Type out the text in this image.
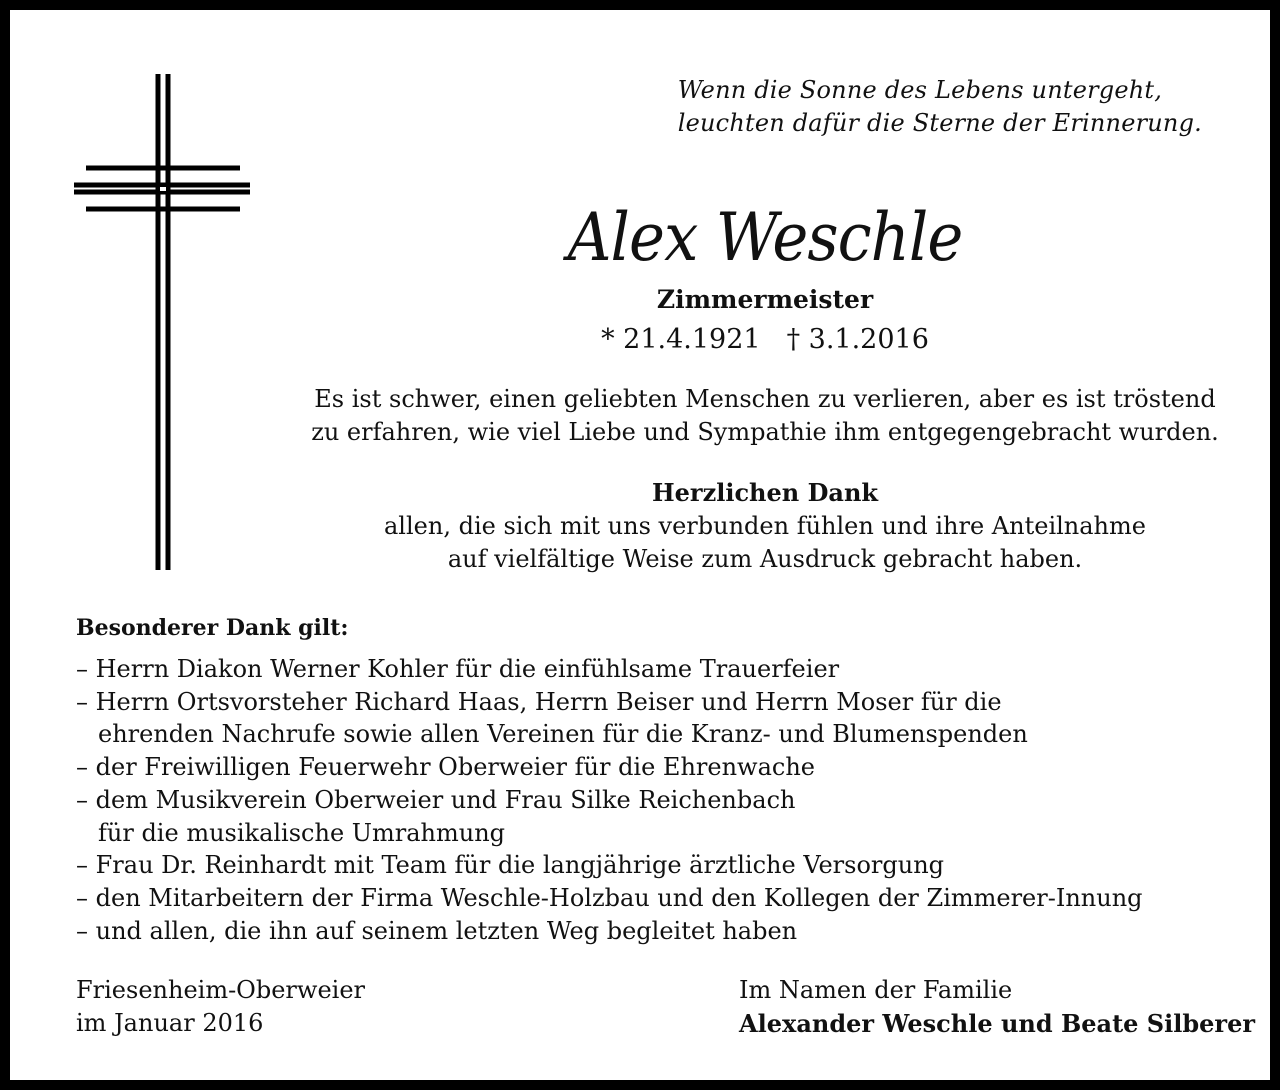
Wenn die Sonne des Lebens untergeht,
leuchten dafür die Sterne der Erinnerung.
Alex Weschle
Zimmermeister
* 21.4.1921 † 3.1.2016
Es ist schwer, einen geliebten Menschen zu verlieren, aber es ist tröstend
zu erfahren, wie viel Liebe und Sympathie ihm entgegengebracht wurden.
Herzlichen Dank
allen, die sich mit uns verbunden fühlen und ihre Anteilnahme
auf vielfältige Weise zum Ausdruck gebracht haben.
Besonderer Dank gilt:
– Herrn Diakon Werner Kohler für die einfühlsame Trauerfeier
– Herrn Ortsvorsteher Richard Haas, Herrn Beiser und Herrn Moser für die
ehrenden Nachrufe sowie allen Vereinen für die Kranz- und Blumenspenden
– der Freiwilligen Feuerwehr Oberweier für die Ehrenwache
– dem Musikverein Oberweier und Frau Silke Reichenbach
für die musikalische Umrahmung
– Frau Dr. Reinhardt mit Team für die langjährige ärztliche Versorgung
– den Mitarbeitern der Firma Weschle-Holzbau und den Kollegen der Zimmerer-Innung
– und allen, die ihn auf seinem letzten Weg begleitet haben
Friesenheim-Oberweier
im Januar 2016
Im Namen der Familie
Alexander Weschle und Beate Silberer
